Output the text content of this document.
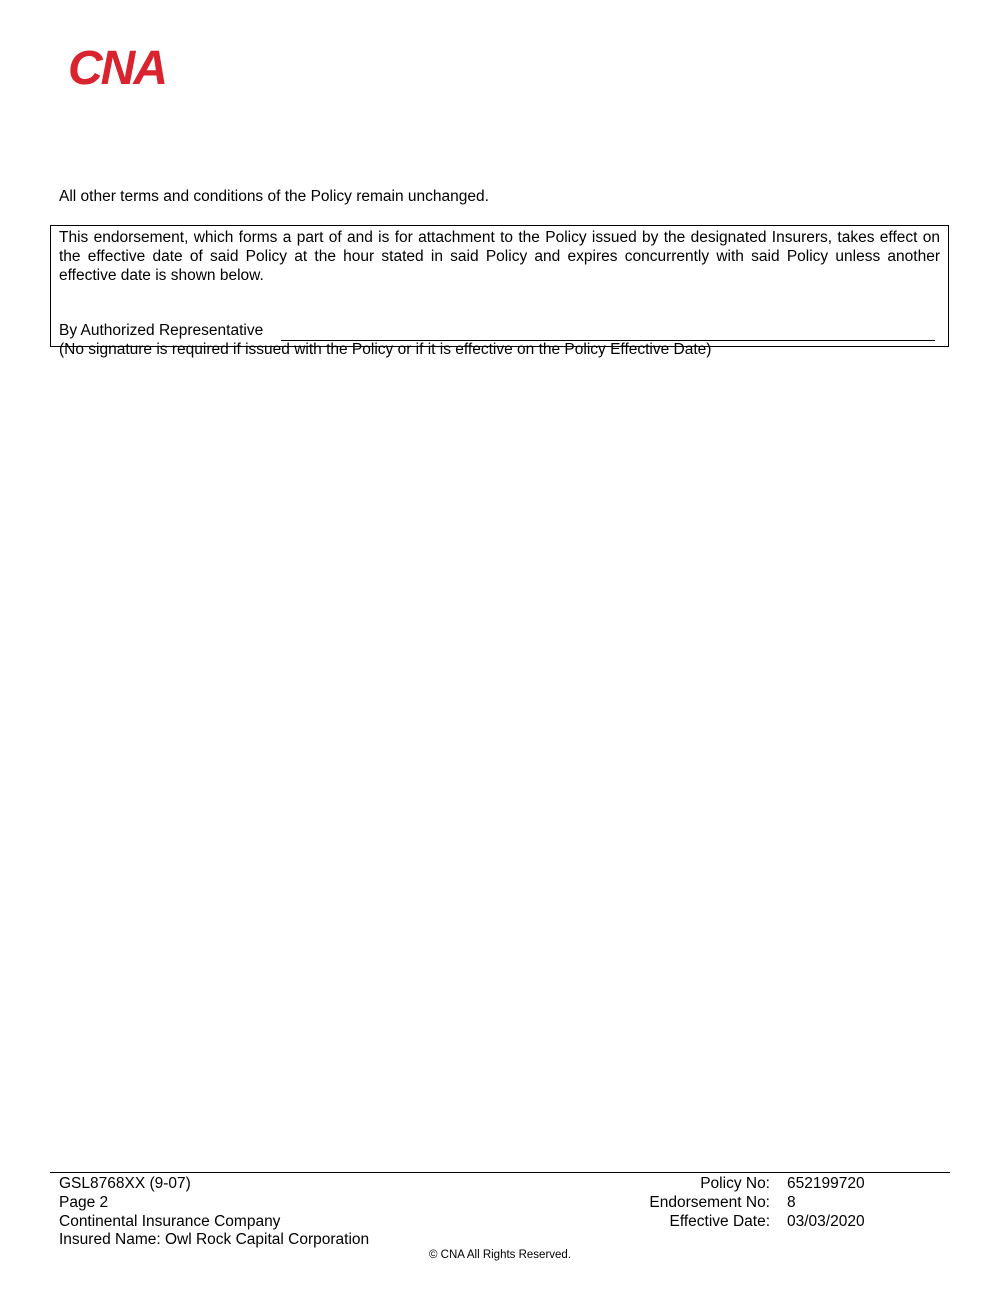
CNA
All other terms and conditions of the Policy remain unchanged.

This endorsement, which forms a part of and is for attachment to the Policy issued by the designated Insurers, takes effect on the effective date of said Policy at the hour stated in said Policy and expires concurrently with said Policy unless another effective date is shown below.

By Authorized Representative
(No signature is required if issued with the Policy or if it is effective on the Policy Effective Date)
GSL8768XX (9-07)
Page 2
Continental Insurance Company
Insured Name: Owl Rock Capital Corporation
Policy No: 652199720
Endorsement No: 8
Effective Date: 03/03/2020
© CNA All Rights Reserved.
